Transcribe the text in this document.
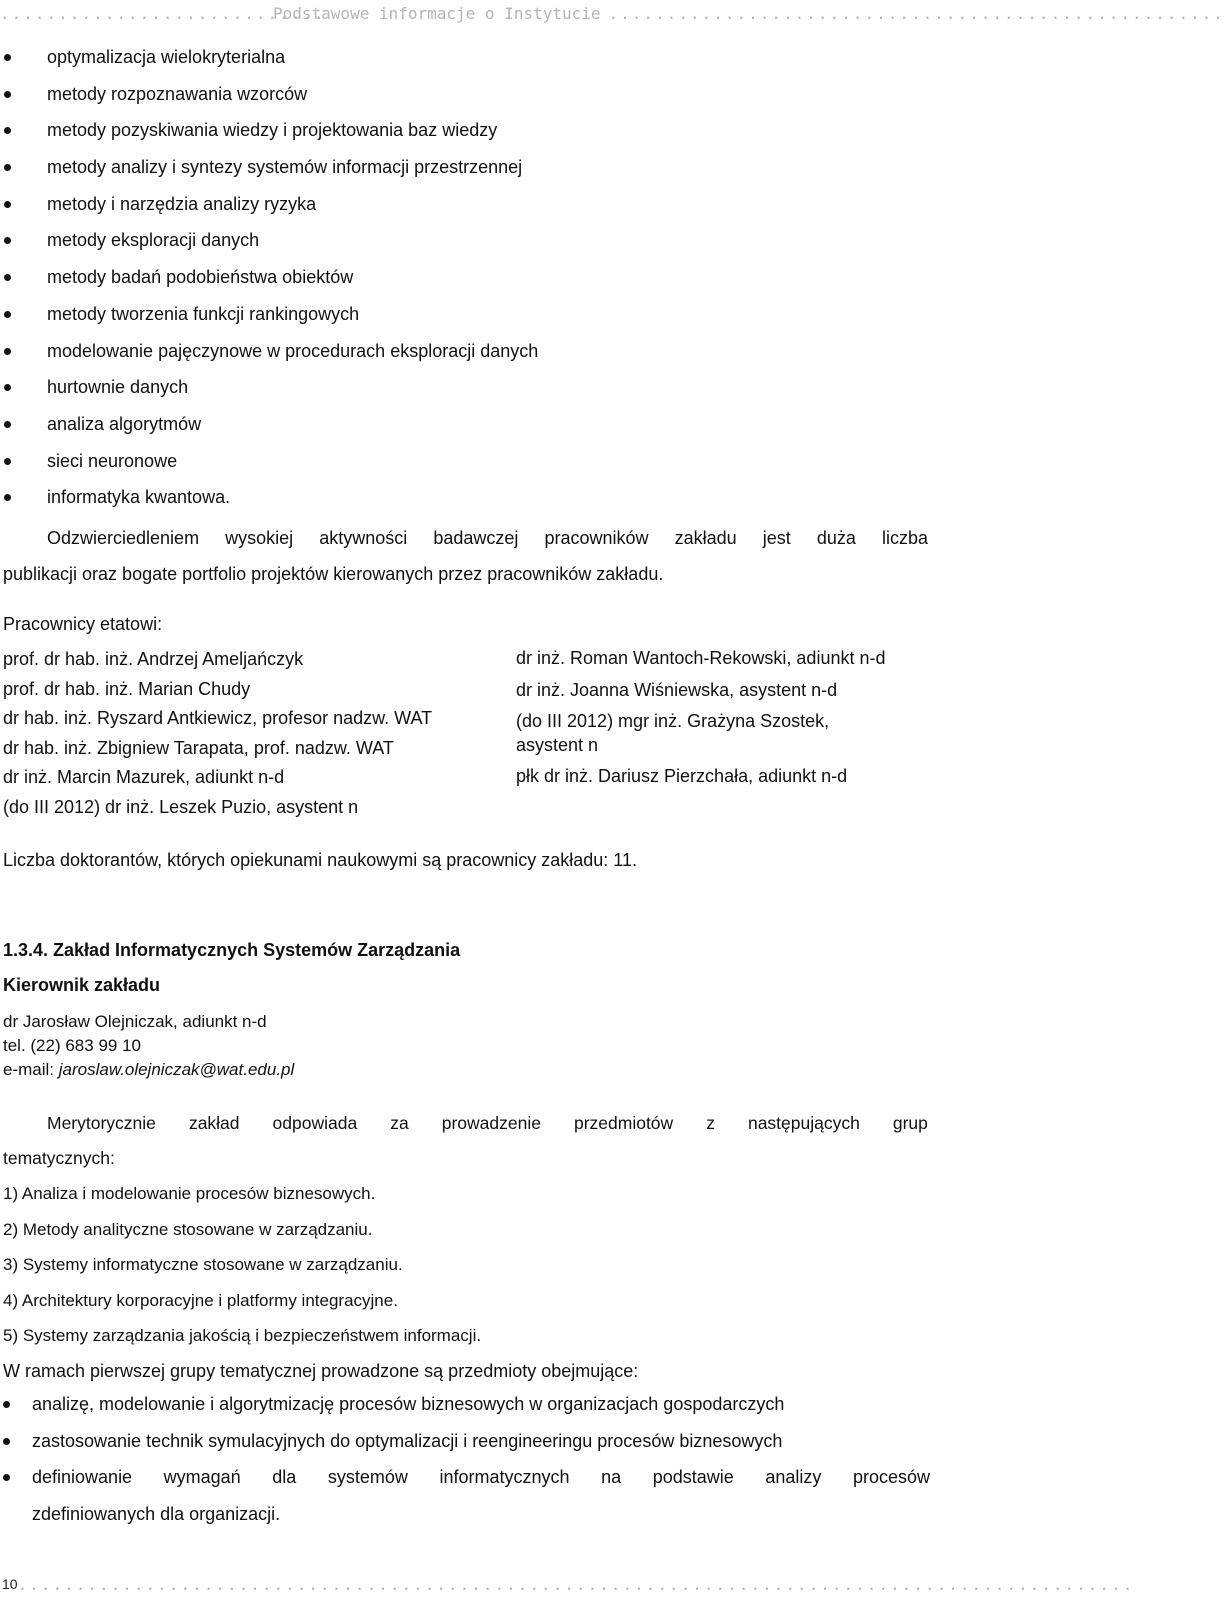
............................
Podstawowe informacje o Instytucie .....................................................
optymalizacja wielokryterialna
metody rozpoznawania wzorców
metody pozyskiwania wiedzy i projektowania baz wiedzy
metody analizy i syntezy systemów informacji przestrzennej
metody i narzędzia analizy ryzyka
metody eksploracji danych
metody badań podobieństwa obiektów
metody tworzenia funkcji rankingowych
modelowanie pajęczynowe w procedurach eksploracji danych
hurtownie danych
analiza algorytmów
sieci neuronowe
informatyka kwantowa.
Odzwierciedleniem wysokiej aktywności badawczej pracowników zakładu jest duża liczba
publikacji oraz bogate portfolio projektów kierowanych przez pracowników zakładu.
Pracownicy etatowi:
prof. dr hab. inż. Andrzej Ameljańczyk
prof. dr hab. inż. Marian Chudy
dr hab. inż. Ryszard Antkiewicz, profesor nadzw. WAT
dr hab. inż. Zbigniew Tarapata, prof. nadzw. WAT
dr inż. Marcin Mazurek, adiunkt n-d
(do III 2012) dr inż. Leszek Puzio, asystent n
dr inż. Roman Wantoch-Rekowski, adiunkt n-d
dr inż. Joanna Wiśniewska, asystent n-d
(do III 2012) mgr inż. Grażyna Szostek, asystent n
płk dr inż. Dariusz Pierzchała, adiunkt n-d
Liczba doktorantów, których opiekunami naukowymi są pracownicy zakładu: 11.
1.3.4. Zakład Informatycznych Systemów Zarządzania
Kierownik zakładu
dr Jarosław Olejniczak, adiunkt n-d
tel. (22) 683 99 10
e-mail: jaroslaw.olejniczak@wat.edu.pl
Merytorycznie zakład odpowiada za prowadzenie przedmiotów z następujących grup
tematycznych:
1) Analiza i modelowanie procesów biznesowych.
2) Metody analityczne stosowane w zarządzaniu.
3) Systemy informatyczne stosowane w zarządzaniu.
4) Architektury korporacyjne i platformy integracyjne.
5) Systemy zarządzania jakością i bezpieczeństwem informacji.
W ramach pierwszej grupy tematycznej prowadzone są przedmioty obejmujące:
analizę, modelowanie i algorytmizację procesów biznesowych w organizacjach gospodarczych
zastosowanie technik symulacyjnych do optymalizacji i reengineeringu procesów biznesowych
definiowanie wymagań dla systemów informatycznych na podstawie analizy procesów
zdefiniowanych dla organizacji.
10 ................................................................................................
